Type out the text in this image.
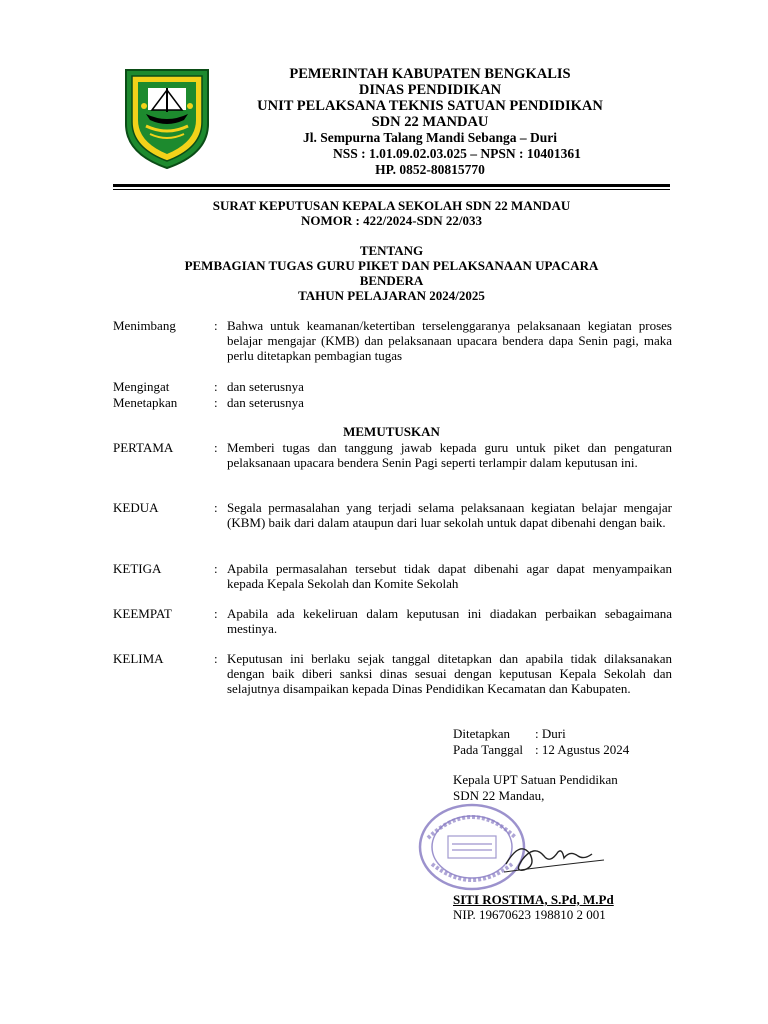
PEMERINTAH KABUPATEN BENGKALIS
DINAS PENDIDIKAN
UNIT PELAKSANA TEKNIS SATUAN PENDIDIKAN
SDN 22 MANDAU
Jl. Sempurna Talang Mandi Sebanga – Duri
NSS : 1.01.09.02.03.025 – NPSN : 10401361
HP. 0852-80815770
SURAT KEPUTUSAN KEPALA SEKOLAH SDN 22 MANDAU
NOMOR : 422/2024-SDN 22/033
TENTANG
PEMBAGIAN TUGAS GURU PIKET DAN PELAKSANAAN UPACARA
BENDERA
TAHUN PELAJARAN 2024/2025
Menimbang	: Bahwa untuk keamanan/ketertiban terselenggaranya pelaksanaan kegiatan proses belajar mengajar (KMB) dan pelaksanaan upacara bendera dapa Senin pagi, maka perlu ditetapkan pembagian tugas
Mengingat	: dan seterusnya
Menetapkan	: dan seterusnya
MEMUTUSKAN
PERTAMA	: Memberi tugas dan tanggung jawab kepada guru untuk piket dan pengaturan pelaksanaan upacara bendera Senin Pagi seperti terlampir dalam keputusan ini.
KEDUA	: Segala permasalahan yang terjadi selama pelaksanaan kegiatan belajar mengajar (KBM) baik dari dalam ataupun dari luar sekolah untuk dapat dibenahi dengan baik.
KETIGA	: Apabila permasalahan tersebut tidak dapat dibenahi agar dapat menyampaikan kepada Kepala Sekolah dan Komite Sekolah
KEEMPAT	: Apabila ada kekeliruan dalam keputusan ini diadakan perbaikan sebagaimana mestinya.
KELIMA	: Keputusan ini berlaku sejak tanggal ditetapkan dan apabila tidak dilaksanakan dengan baik diberi sanksi dinas sesuai dengan keputusan Kepala Sekolah dan selajutnya disampaikan kepada Dinas Pendidikan Kecamatan dan Kabupaten.
Ditetapkan : Duri
Pada Tanggal : 12 Agustus 2024
Kepala UPT Satuan Pendidikan
SDN 22 Mandau,
SITI ROSTIMA, S.Pd, M.Pd
NIP. 19670623 198810 2 001
